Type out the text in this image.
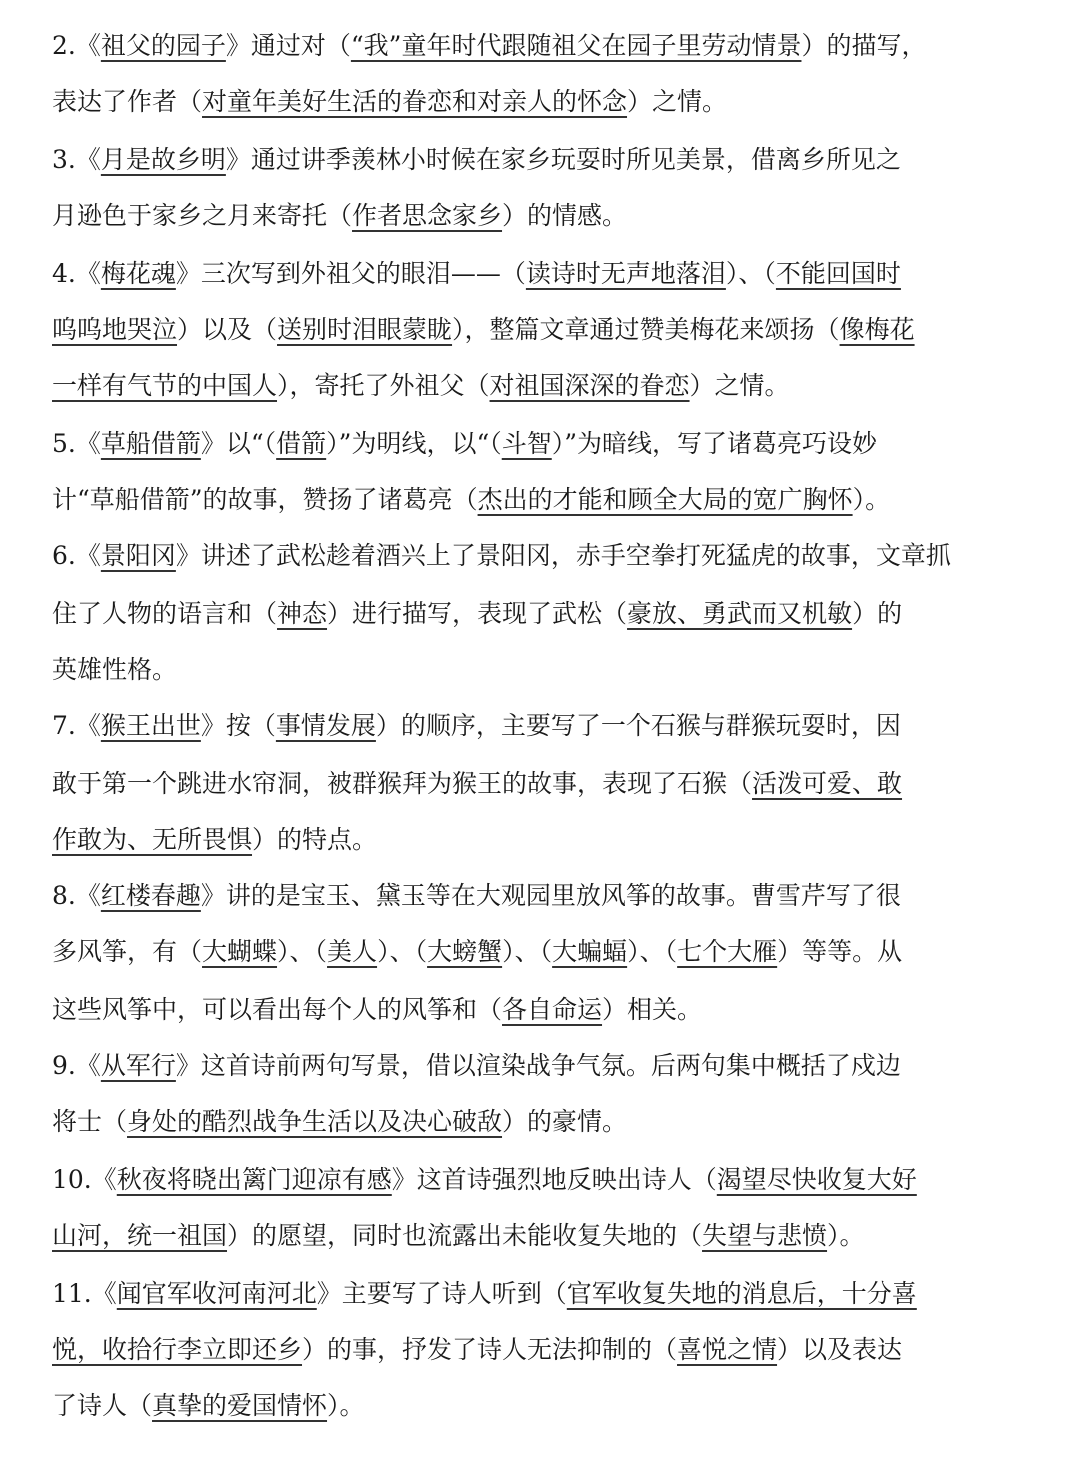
2.《祖父的园子》通过对（“我”童年时代跟随祖父在园子里劳动情景）的描写，
表达了作者（对童年美好生活的眷恋和对亲人的怀念）之情。
3.《月是故乡明》通过讲季羡林小时候在家乡玩耍时所见美景，借离乡所见之
月逊色于家乡之月来寄托（作者思念家乡）的情感。
4.《梅花魂》三次写到外祖父的眼泪——（读诗时无声地落泪）、（不能回国时
呜呜地哭泣）以及（送别时泪眼蒙眬），整篇文章通过赞美梅花来颂扬（像梅花
一样有气节的中国人），寄托了外祖父（对祖国深深的眷恋）之情。
5.《草船借箭》以“（借箭）”为明线，以“（斗智）”为暗线，写了诸葛亮巧设妙
计“草船借箭”的故事，赞扬了诸葛亮（杰出的才能和顾全大局的宽广胸怀）。
6.《景阳冈》讲述了武松趁着酒兴上了景阳冈，赤手空拳打死猛虎的故事，文章抓
住了人物的语言和（神态）进行描写，表现了武松（豪放、勇武而又机敏）的
英雄性格。
7.《猴王出世》按（事情发展）的顺序，主要写了一个石猴与群猴玩耍时，因
敢于第一个跳进水帘洞，被群猴拜为猴王的故事，表现了石猴（活泼可爱、敢
作敢为、无所畏惧）的特点。
8.《红楼春趣》讲的是宝玉、黛玉等在大观园里放风筝的故事。曹雪芹写了很
多风筝，有（大蝴蝶）、（美人）、（大螃蟹）、（大蝙蝠）、（七个大雁）等等。从
这些风筝中，可以看出每个人的风筝和（各自命运）相关。
9.《从军行》这首诗前两句写景，借以渲染战争气氛。后两句集中概括了戍边
将士（身处的酷烈战争生活以及决心破敌）的豪情。
10.《秋夜将晓出篱门迎凉有感》这首诗强烈地反映出诗人（渴望尽快收复大好
山河，统一祖国）的愿望，同时也流露出未能收复失地的（失望与悲愤）。
11.《闻官军收河南河北》主要写了诗人听到（官军收复失地的消息后，十分喜
悦，收拾行李立即还乡）的事，抒发了诗人无法抑制的（喜悦之情）以及表达
了诗人（真挚的爱国情怀）。
